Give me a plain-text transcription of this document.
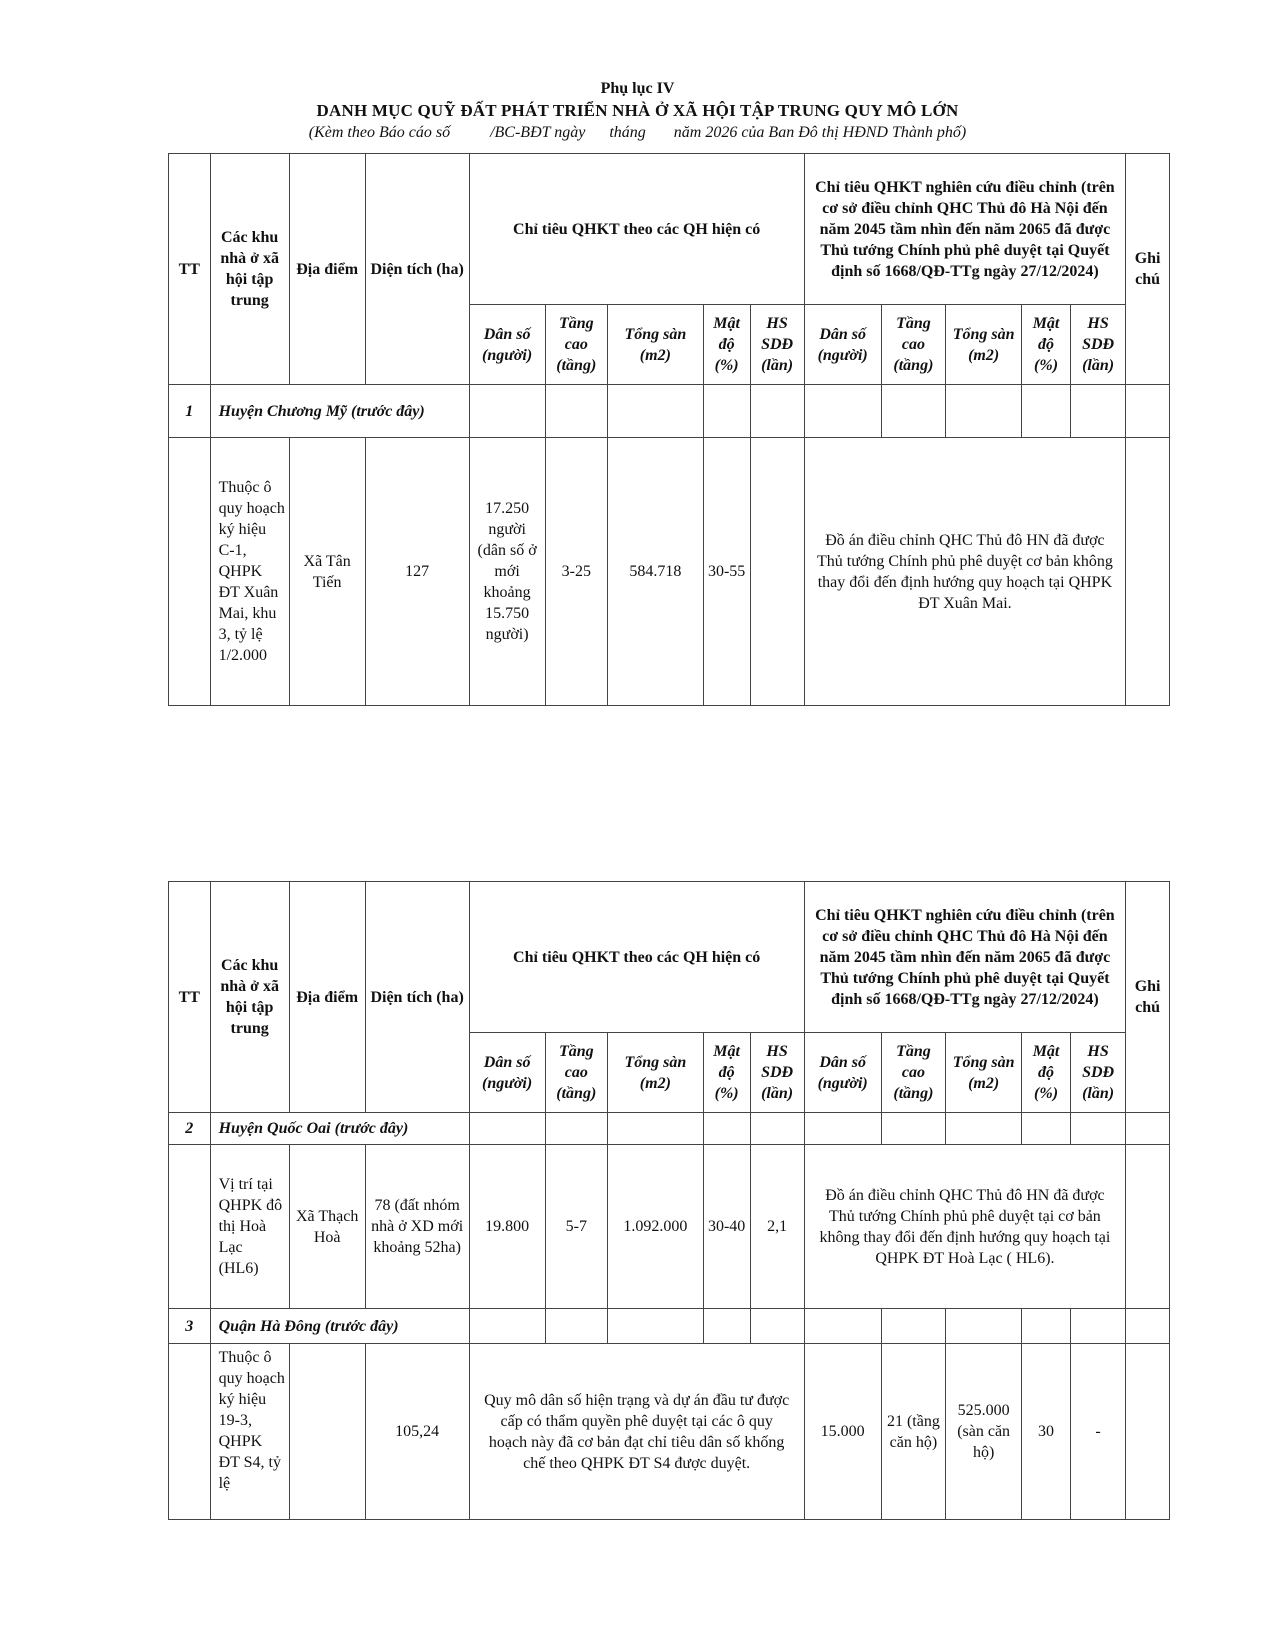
Phụ lục IV
DANH MỤC QUỸ ĐẤT PHÁT TRIỂN NHÀ Ở XÃ HỘI TẬP TRUNG QUY MÔ LỚN
(Kèm theo Báo cáo số          /BC-BĐT ngày      tháng       năm 2026 của Ban Đô thị HĐND Thành phố)
TT	Các khu nhà ở xã hội tập trung	Địa điểm	Diện tích (ha)	Chỉ tiêu QHKT theo các QH hiện có					Chỉ tiêu QHKT nghiên cứu điều chỉnh (trên cơ sở điều chỉnh QHC Thủ đô Hà Nội đến năm 2045 tầm nhìn đến năm 2065 đã được Thủ tướng Chính phủ phê duyệt tại Quyết định số 1668/QĐ-TTg ngày 27/12/2024)					Ghi chú
				Dân số (người)	Tầng cao (tầng)	Tổng sàn (m2)	Mật độ (%)	HS SDĐ (lần)	Dân số (người)	Tầng cao (tầng)	Tổng sàn (m2)	Mật độ (%)	HS SDĐ (lần)	
1	Huyện Chương Mỹ (trước đây)													
	Thuộc ô quy hoạch ký hiệu C-1, QHPK ĐT Xuân Mai, khu 3, tỷ lệ 1/2.000	Xã Tân Tiến	127	17.250 người (dân số ở mới khoảng 15.750 người)	3-25	584.718	30-55		Đồ án điều chỉnh QHC Thủ đô HN đã được Thủ tướng Chính phủ phê duyệt cơ bản không thay đổi đến định hướng quy hoạch tại QHPK ĐT Xuân Mai.					
TT	Các khu nhà ở xã hội tập trung	Địa điểm	Diện tích (ha)	Chỉ tiêu QHKT theo các QH hiện có					Chỉ tiêu QHKT nghiên cứu điều chỉnh (trên cơ sở điều chỉnh QHC Thủ đô Hà Nội đến năm 2045 tầm nhìn đến năm 2065 đã được Thủ tướng Chính phủ phê duyệt tại Quyết định số 1668/QĐ-TTg ngày 27/12/2024)					Ghi chú
				Dân số (người)	Tầng cao (tầng)	Tổng sàn (m2)	Mật độ (%)	HS SDĐ (lần)	Dân số (người)	Tầng cao (tầng)	Tổng sàn (m2)	Mật độ (%)	HS SDĐ (lần)	
2	Huyện Quốc Oai (trước đây)													
	Vị trí tại QHPK đô thị Hoà Lạc (HL6)	Xã Thạch Hoà	78 (đất nhóm nhà ở XD mới khoảng 52ha)	19.800	5-7	1.092.000	30-40	2,1	Đồ án điều chỉnh QHC Thủ đô HN đã được Thủ tướng Chính phủ phê duyệt tại cơ bản không thay đổi đến định hướng quy hoạch tại QHPK ĐT Hoà Lạc ( HL6).					
3	Quận Hà Đông (trước đây)													
	Thuộc ô quy hoạch ký hiệu 19-3, QHPK ĐT S4, tỷ lệ		105,24	Quy mô dân số hiện trạng và dự án đầu tư được cấp có thẩm quyền phê duyệt tại các ô quy hoạch này đã cơ bản đạt chỉ tiêu dân số khống chế theo QHPK ĐT S4 được duyệt.					15.000	21 (tầng căn hộ)	525.000 (sàn căn hộ)	30	-	
